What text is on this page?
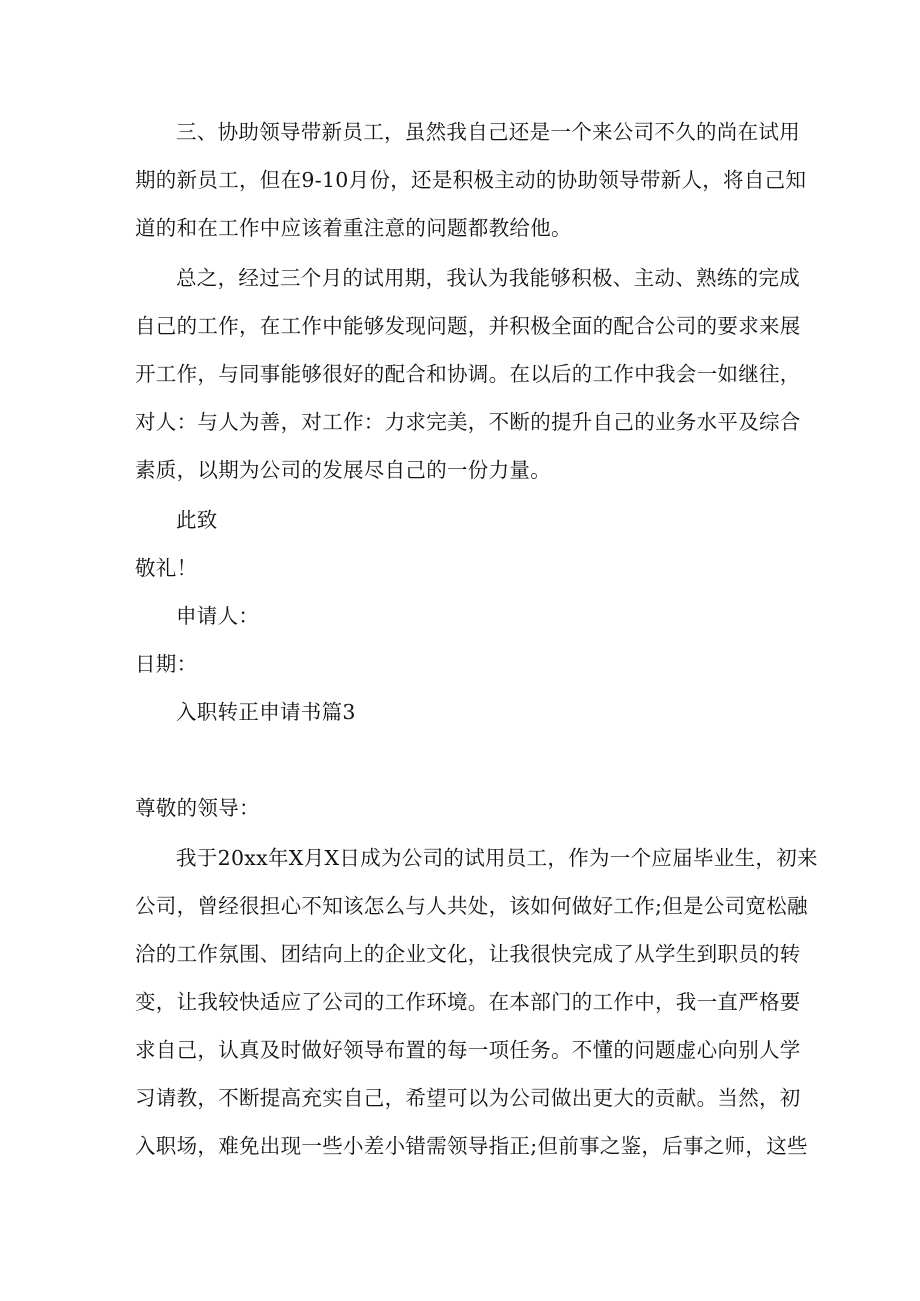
三、协助领导带新员工，虽然我自己还是一个来公司不久的尚在试用
期的新员工，但在9-10月份，还是积极主动的协助领导带新人，将自己知
道的和在工作中应该着重注意的问题都教给他。
总之，经过三个月的试用期，我认为我能够积极、主动、熟练的完成
自己的工作，在工作中能够发现问题，并积极全面的配合公司的要求来展
开工作，与同事能够很好的配合和协调。在以后的工作中我会一如继往，
对人：与人为善，对工作：力求完美，不断的提升自己的业务水平及综合
素质，以期为公司的发展尽自己的一份力量。
此致
敬礼！
申请人：
日期：
入职转正申请书篇3
尊敬的领导：
我于20xx年X月X日成为公司的试用员工，作为一个应届毕业生，初来
公司，曾经很担心不知该怎么与人共处，该如何做好工作;但是公司宽松融
洽的工作氛围、团结向上的企业文化，让我很快完成了从学生到职员的转
变，让我较快适应了公司的工作环境。在本部门的工作中，我一直严格要
求自己，认真及时做好领导布置的每一项任务。不懂的问题虚心向别人学
习请教，不断提高充实自己，希望可以为公司做出更大的贡献。当然，初
入职场，难免出现一些小差小错需领导指正;但前事之鉴，后事之师，这些
